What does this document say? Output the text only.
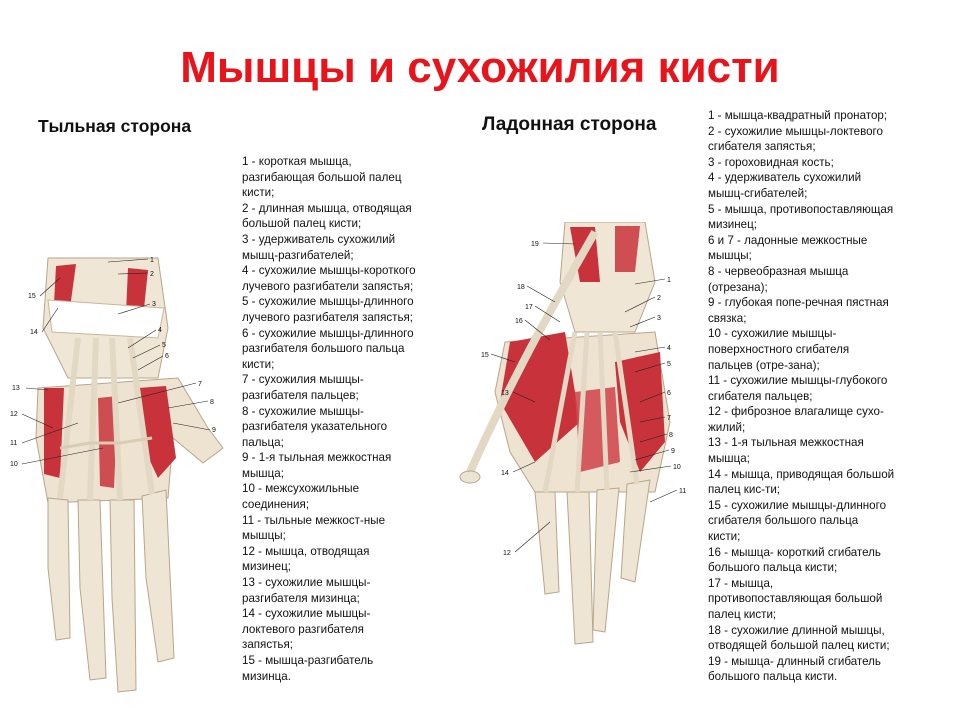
Мышцы и сухожилия кисти
Тыльная сторона	Ладонная сторона
1 - короткая мышца,
разгибающая большой палец
кисти;
2 - длинная мышца, отводящая
большой палец кисти;
3 - удерживатель сухожилий
мышц-разгибателей;
4 - сухожилие мышцы-короткого
лучевого разгибатели запястья;
5 - сухожилие мышцы-длинного
лучевого разгибателя запястья;
6 - сухожилие мышцы-длинного
разгибателя большого пальца
кисти;
7 - сухожилия мышцы-
разгибателя пальцев;
8 - сухожилие мышцы-
разгибателя указательного
пальца;
9 - 1-я тыльная межкостная
мышца;
10 - межсухожильные
соединения;
11 - тыльные межкост-ные
мышцы;
12 - мышца, отводящая
мизинец;
13 - сухожилие мышцы-
разгибателя мизинца;
14 - сухожилие мышцы-
локтевого разгибателя
запястья;
15 - мышца-разгибатель
мизинца.
1 - мышца-квадратный пронатор;
2 - сухожилие мышцы-локтевого
сгибателя запястья;
3 - гороховидная кость;
4 - удерживатель сухожилий
мышц-сгибателей;
5 - мышца, противопоставляющая
мизинец;
6 и 7 - ладонные межкостные
мышцы;
8 - червеобразная мышца
(отрезана);
9 - глубокая попе-речная пястная
связка;
10 - сухожилие мышцы-
поверхностного сгибателя
пальцев (отре-зана);
11 - сухожилие мышцы-глубокого
сгибателя пальцев;
12 - фиброзное влагалище сухо-
жилий;
13 - 1-я тыльная межкостная
мышца;
14 - мышца, приводящая большой
палец кис-ти;
15 - сухожилие мышцы-длинного
сгибателя большого пальца
кисти;
16 - мышца- короткий сгибатель
большого пальца кисти;
17 - мышца,
противопоставляющая большой
палец кисти;
18 - сухожилие длинной мышцы,
отводящей большой палец кисти;
19 - мышца- длинный сгибатель
большого пальца кисти.
1
2
3
4
5
6
7
8
9
10
11
12
13
14
15
19
18
17
16
15
2
3
4
5
6
7
8
9
10
11
12
13
14
1
